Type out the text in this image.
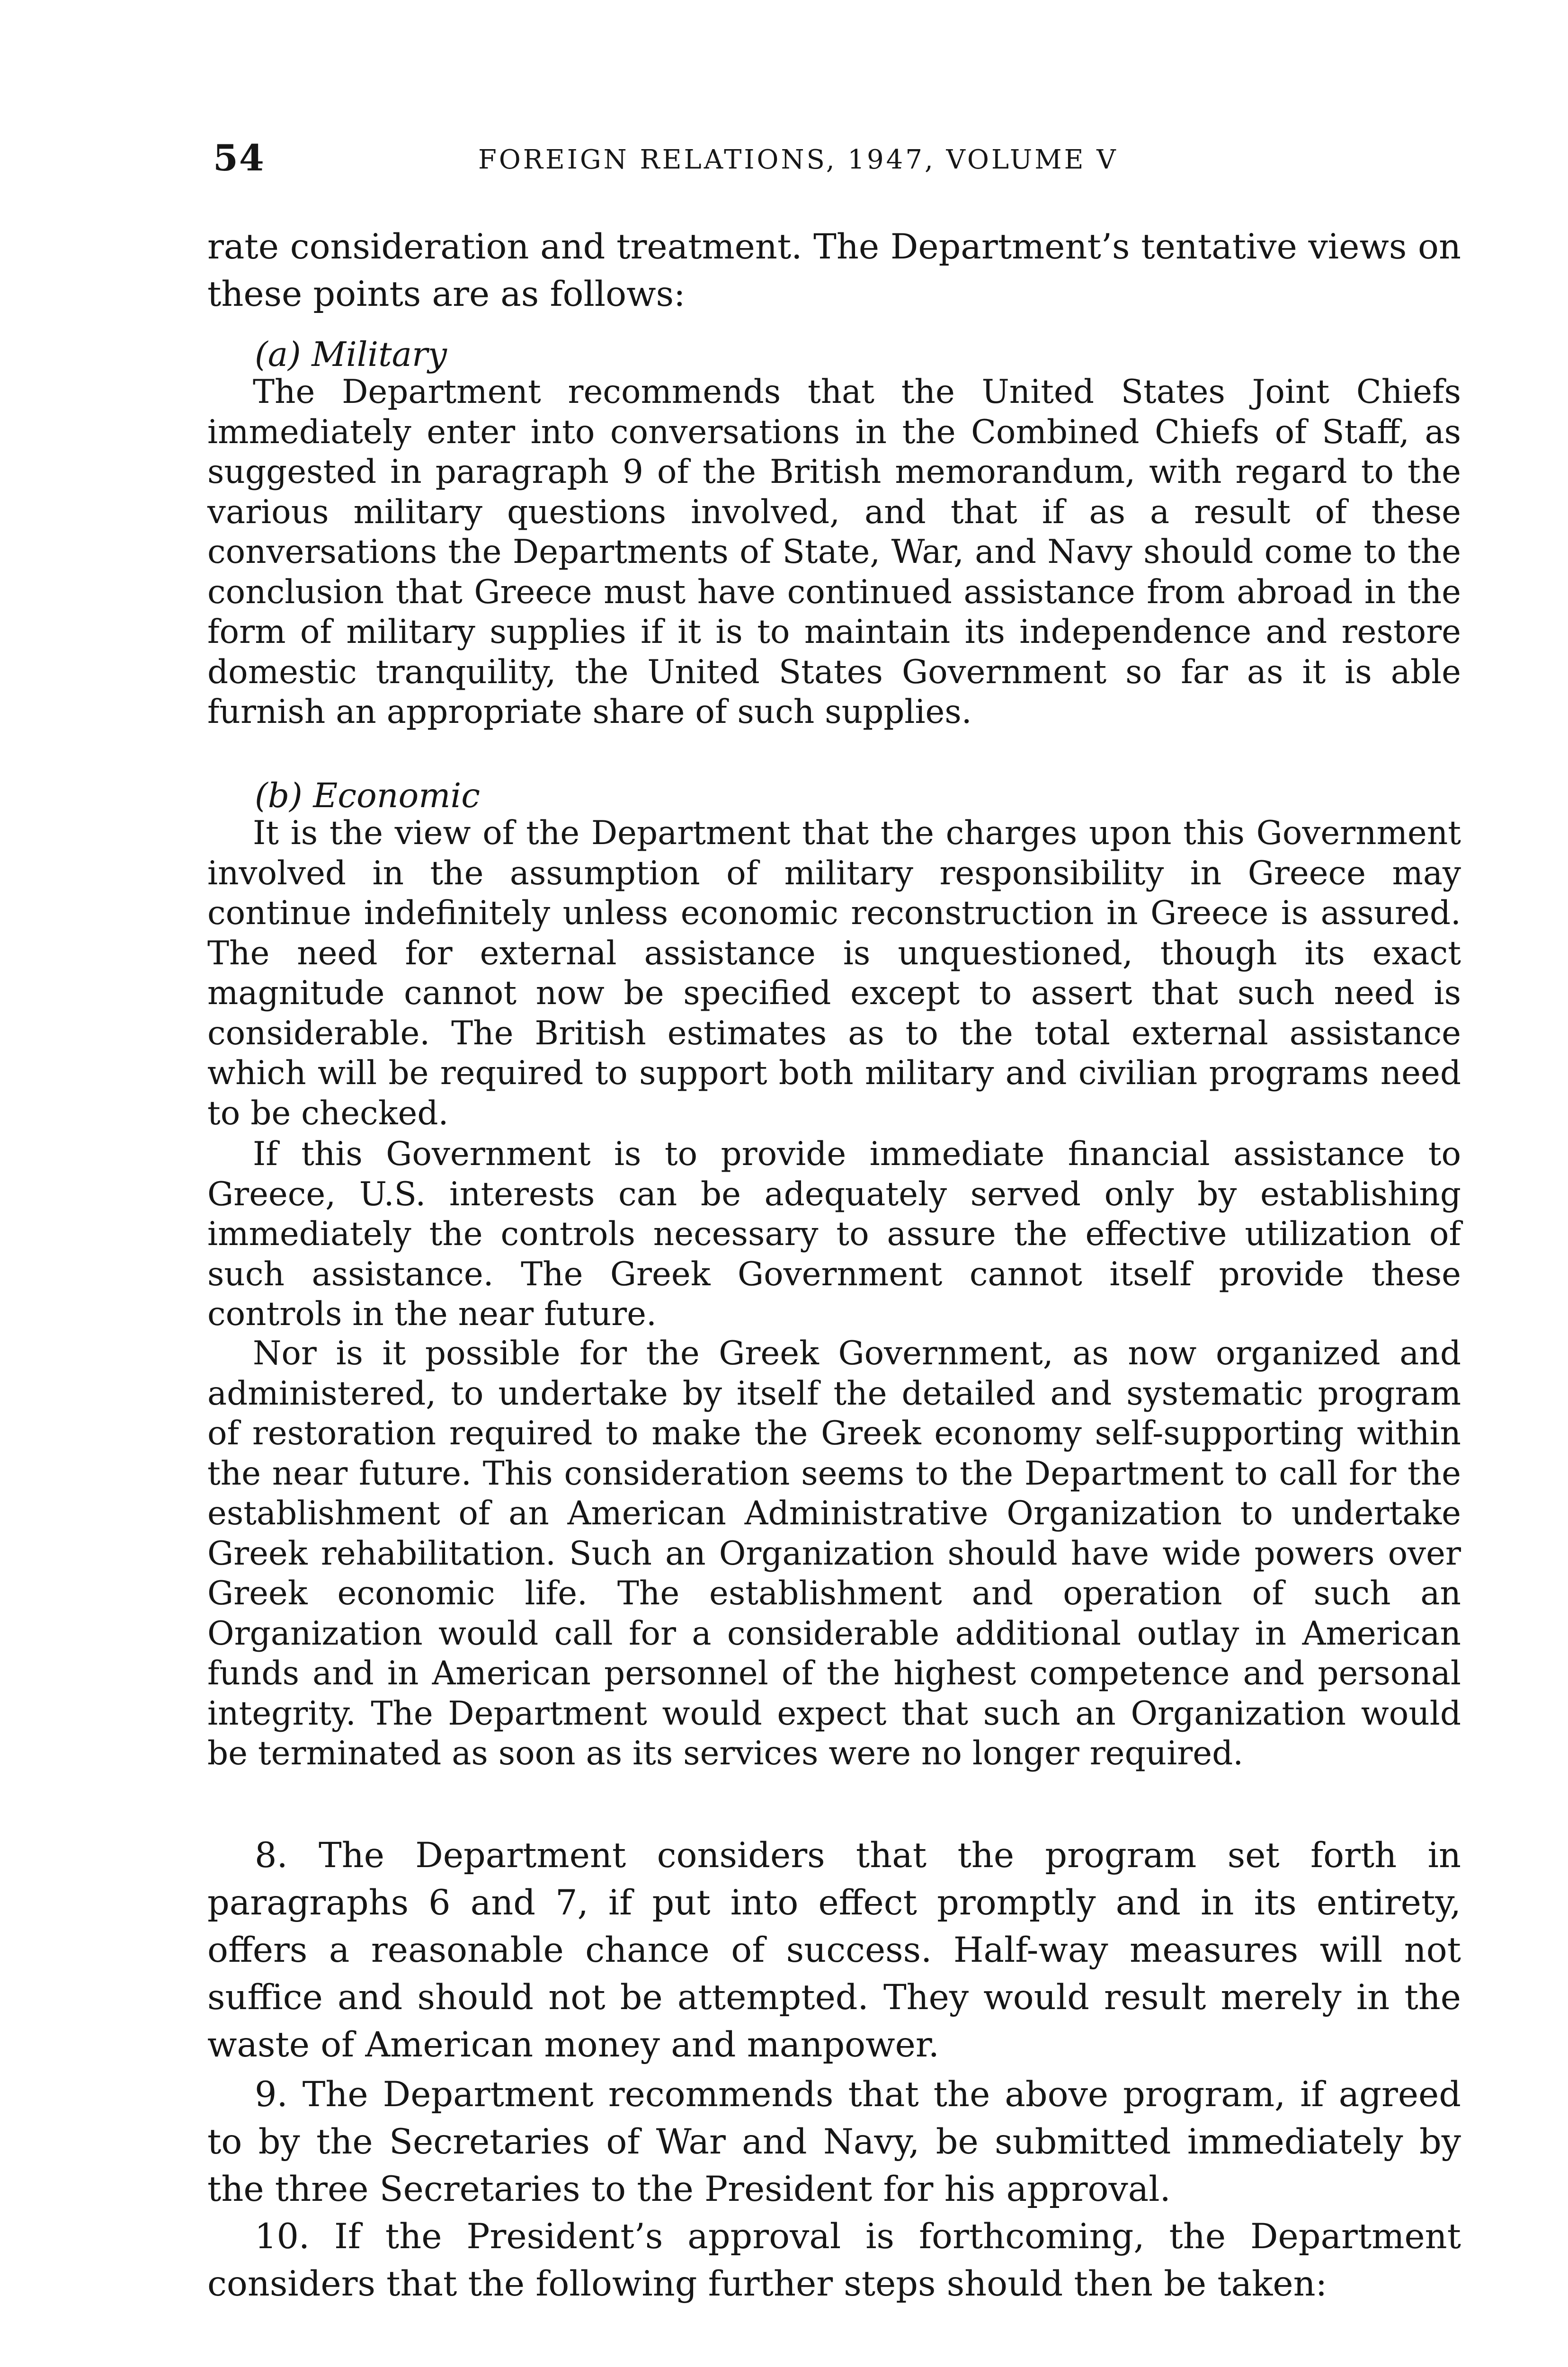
54	FOREIGN RELATIONS, 1947, VOLUME V

rate consideration and treatment. The Department’s tentative views on these points are as follows:

(a) Military

The Department recommends that the United States Joint Chiefs immediately enter into conversations in the Combined Chiefs of Staff, as suggested in paragraph 9 of the British memorandum, with regard to the various military questions involved, and that if as a result of these conversations the Departments of State, War, and Navy should come to the conclusion that Greece must have continued assistance from abroad in the form of military supplies if it is to maintain its independence and restore domestic tranquility, the United States Government so far as it is able furnish an appropriate share of such supplies.

(b) Economic

It is the view of the Department that the charges upon this Government involved in the assumption of military responsibility in Greece may continue indefinitely unless economic reconstruction in Greece is assured. The need for external assistance is unquestioned, though its exact magnitude cannot now be specified except to assert that such need is considerable. The British estimates as to the total external assistance which will be required to support both military and civilian programs need to be checked.

If this Government is to provide immediate financial assistance to Greece, U.S. interests can be adequately served only by establishing immediately the controls necessary to assure the effective utilization of such assistance. The Greek Government cannot itself provide these controls in the near future.

Nor is it possible for the Greek Government, as now organized and administered, to undertake by itself the detailed and systematic program of restoration required to make the Greek economy self-supporting within the near future. This consideration seems to the Department to call for the establishment of an American Administrative Organization to undertake Greek rehabilitation. Such an Organization should have wide powers over Greek economic life. The establishment and operation of such an Organization would call for a considerable additional outlay in American funds and in American personnel of the highest competence and personal integrity. The Department would expect that such an Organization would be terminated as soon as its services were no longer required.

8. The Department considers that the program set forth in paragraphs 6 and 7, if put into effect promptly and in its entirety, offers a reasonable chance of success. Half-way measures will not suffice and should not be attempted. They would result merely in the waste of American money and manpower.

9. The Department recommends that the above program, if agreed to by the Secretaries of War and Navy, be submitted immediately by the three Secretaries to the President for his approval.

10. If the President’s approval is forthcoming, the Department considers that the following further steps should then be taken:
